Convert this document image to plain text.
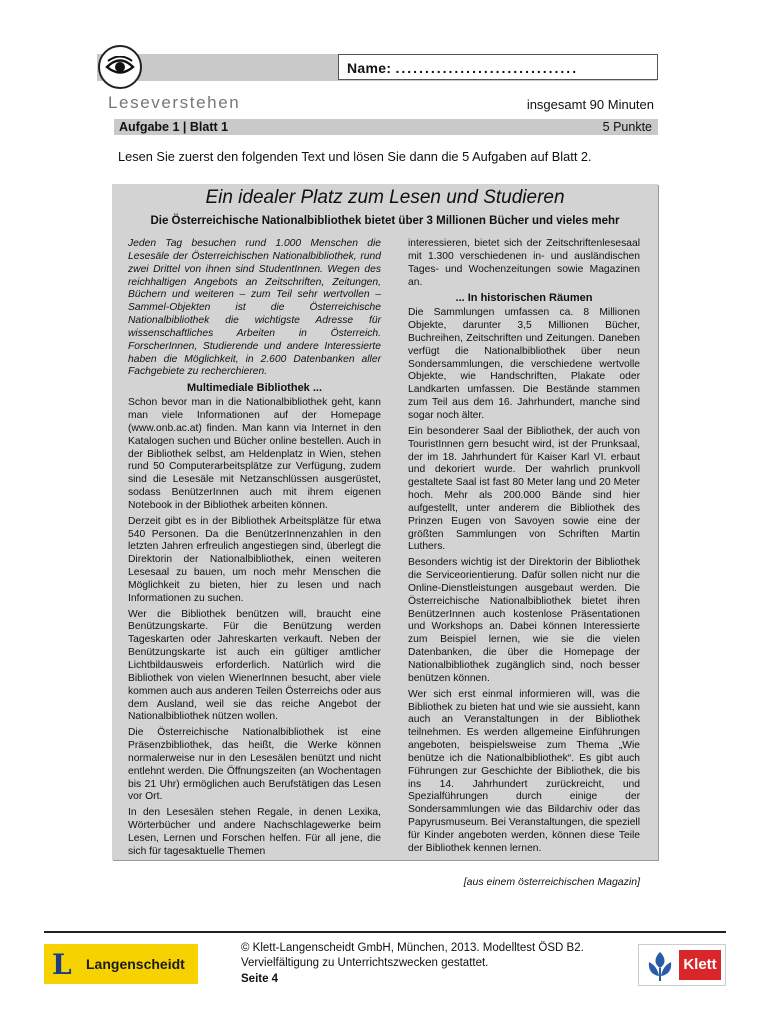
Name: ...............................
Leseverstehen	insgesamt 90 Minuten
Aufgabe 1 | Blatt 1	5 Punkte
Lesen Sie zuerst den folgenden Text und lösen Sie dann die 5 Aufgaben auf Blatt 2.
Ein idealer Platz zum Lesen und Studieren
Die Österreichische Nationalbibliothek bietet über 3 Millionen Bücher und vieles mehr

Jeden Tag besuchen rund 1.000 Menschen die Lesesäle der Österreichischen Nationalbibliothek, rund zwei Drittel von ihnen sind StudentInnen. Wegen des reichhaltigen Angebots an Zeitschriften, Zeitungen, Büchern und weiteren – zum Teil sehr wertvollen – Sammel-Objekten ist die Österreichische Nationalbibliothek die wichtigste Adresse für wissenschaftliches Arbeiten in Österreich. ForscherInnen, Studierende und andere Interessierte haben die Möglichkeit, in 2.600 Datenbanken aller Fachgebiete zu recherchieren.

Multimediale Bibliothek ...

Schon bevor man in die Nationalbibliothek geht, kann man viele Informationen auf der Homepage (www.onb.ac.at) finden. Man kann via Internet in den Katalogen suchen und Bücher online bestellen. Auch in der Bibliothek selbst, am Heldenplatz in Wien, stehen rund 50 Computerarbeitsplätze zur Verfügung, zudem sind die Lesesäle mit Netzanschlüssen ausgerüstet, sodass BenützerInnen auch mit ihrem eigenen Notebook in der Bibliothek arbeiten können.

Derzeit gibt es in der Bibliothek Arbeitsplätze für etwa 540 Personen. Da die BenützerInnenzahlen in den letzten Jahren erfreulich angestiegen sind, überlegt die Direktorin der Nationalbibliothek, einen weiteren Lesesaal zu bauen, um noch mehr Menschen die Möglichkeit zu bieten, hier zu lesen und nach Informationen zu suchen.

Wer die Bibliothek benützen will, braucht eine Benützungskarte. Für die Benützung werden Tageskarten oder Jahreskarten verkauft. Neben der Benützungskarte ist auch ein gültiger amtlicher Lichtbildausweis erforderlich. Natürlich wird die Bibliothek von vielen WienerInnen besucht, aber viele kommen auch aus anderen Teilen Österreichs oder aus dem Ausland, weil sie das reiche Angebot der Nationalbibliothek nützen wollen.

Die Österreichische Nationalbibliothek ist eine Präsenzbibliothek, das heißt, die Werke können normalerweise nur in den Lesesälen benützt und nicht entlehnt werden. Die Öffnungszeiten (an Wochentagen bis 21 Uhr) ermöglichen auch Berufstätigen das Lesen vor Ort.

In den Lesesälen stehen Regale, in denen Lexika, Wörterbücher und andere Nachschlagewerke beim Lesen, Lernen und Forschen helfen. Für all jene, die sich für tagesaktuelle Themen

interessieren, bietet sich der Zeitschriftenlesesaal mit 1.300 verschiedenen in- und ausländischen Tages- und Wochenzeitungen sowie Magazinen an.

... In historischen Räumen

Die Sammlungen umfassen ca. 8 Millionen Objekte, darunter 3,5 Millionen Bücher, Buchreihen, Zeitschriften und Zeitungen. Daneben verfügt die Nationalbibliothek über neun Sondersammlungen, die verschiedene wertvolle Objekte, wie Handschriften, Plakate oder Landkarten umfassen. Die Bestände stammen zum Teil aus dem 16. Jahrhundert, manche sind sogar noch älter.

Ein besonderer Saal der Bibliothek, der auch von TouristInnen gern besucht wird, ist der Prunksaal, der im 18. Jahrhundert für Kaiser Karl VI. erbaut und dekoriert wurde. Der wahrlich prunkvoll gestaltete Saal ist fast 80 Meter lang und 20 Meter hoch. Mehr als 200.000 Bände sind hier aufgestellt, unter anderem die Bibliothek des Prinzen Eugen von Savoyen sowie eine der größten Sammlungen von Schriften Martin Luthers.

Besonders wichtig ist der Direktorin der Bibliothek die Serviceorientierung. Dafür sollen nicht nur die Online-Dienstleistungen ausgebaut werden. Die Österreichische Nationalbibliothek bietet ihren BenützerInnen auch kostenlose Präsentationen und Workshops an. Dabei können Interessierte zum Beispiel lernen, wie sie die vielen Datenbanken, die über die Homepage der Nationalbibliothek zugänglich sind, noch besser benützen können.

Wer sich erst einmal informieren will, was die Bibliothek zu bieten hat und wie sie aussieht, kann auch an Veranstaltungen in der Bibliothek teilnehmen. Es werden allgemeine Einführungen angeboten, beispielsweise zum Thema „Wie benütze ich die Nationalbibliothek“. Es gibt auch Führungen zur Geschichte der Bibliothek, die bis ins 14. Jahrhundert zurückreicht, und Spezialführungen durch einige der Sondersammlungen wie das Bildarchiv oder das Papyrusmuseum. Bei Veranstaltungen, die speziell für Kinder angeboten werden, können diese Teile der Bibliothek kennen lernen.

[aus einem österreichischen Magazin]
L Langenscheidt
© Klett-Langenscheidt GmbH, München, 2013. Modelltest ÖSD B2.
Vervielfältigung zu Unterrichtszwecken gestattet.
Seite 4
Klett
